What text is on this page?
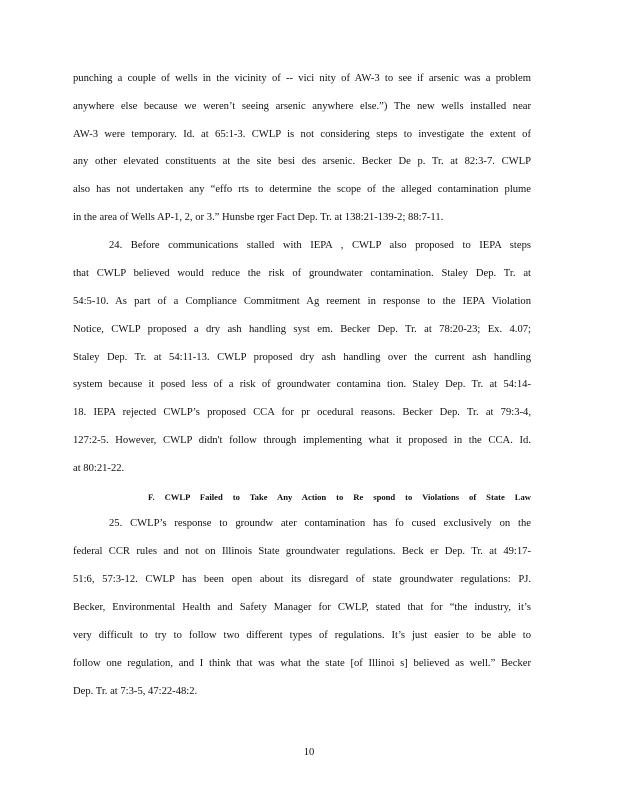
punching a couple of wells in the vicinity of -- vici nity of AW-3 to see if arsenic was a problem
anywhere else because we weren’t seeing arsenic anywhere else.”) The new wells installed near
AW-3 were temporary. Id. at 65:1-3. CWLP is not considering steps to investigate the extent of
any other elevated constituents at the site besi des arsenic. Becker De p. Tr. at 82:3-7. CWLP
also has not undertaken any “effo rts to determine the scope of the alleged contamination plume
in the area of Wells AP-1, 2, or 3.” Hunsbe rger Fact Dep. Tr. at 138:21-139-2; 88:7-11.
24. Before communications stalled with IEPA , CWLP also proposed to IEPA steps
that CWLP believed would reduce the risk of groundwater contamination. Staley Dep. Tr. at
54:5-10. As part of a Compliance Commitment Ag reement in response to the IEPA Violation
Notice, CWLP proposed a dry ash handling syst em. Becker Dep. Tr. at 78:20-23; Ex. 4.07;
Staley Dep. Tr. at 54:11-13. CWLP proposed dry ash handling over the current ash handling
system because it posed less of a risk of groundwater contamina tion. Staley Dep. Tr. at 54:14-
18. IEPA rejected CWLP’s proposed CCA for pr ocedural reasons. Becker Dep. Tr. at 79:3-4,
127:2-5. However, CWLP didn't follow through implementing what it proposed in the CCA. Id.
at 80:21-22.
F. CWLP Failed to Take Any Action to Re spond to Violations of State Law
25. CWLP’s response to groundw ater contamination has fo cused exclusively on the
federal CCR rules and not on Illinois State groundwater regulations. Beck er Dep. Tr. at 49:17-
51:6, 57:3-12. CWLP has been open about its disregard of state groundwater regulations: PJ.
Becker, Environmental Health and Safety Manager for CWLP, stated that for “the industry, it’s
very difficult to try to follow two different types of regulations. It’s just easier to be able to
follow one regulation, and I think that was what the state [of Illinoi s] believed as well.” Becker
Dep. Tr. at 7:3-5, 47:22-48:2.
10
